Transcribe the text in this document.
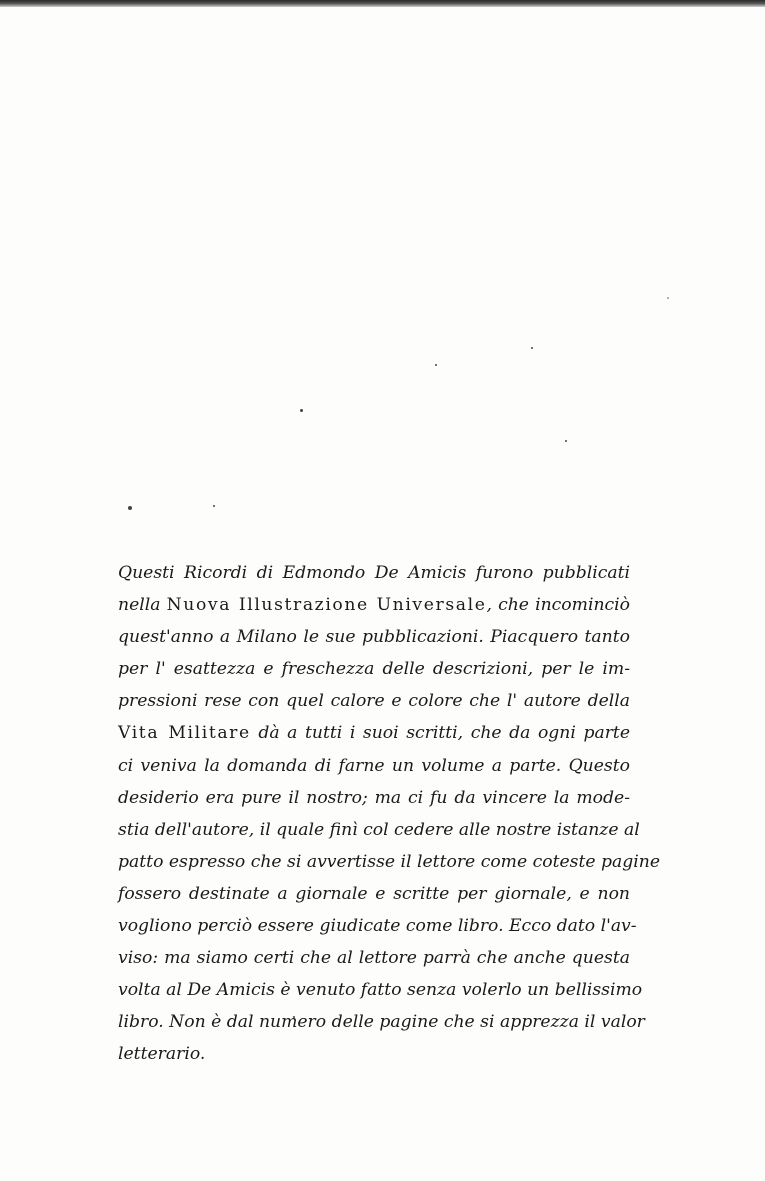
Questi Ricordi di Edmondo De Amicis furono pubblicati
nella Nuova Illustrazione Universale, che incominciò
quest'anno a Milano le sue pubblicazioni. Piacquero tanto
per l' esattezza e freschezza delle descrizioni, per le im-
pressioni rese con quel calore e colore che l' autore della
Vita Militare dà a tutti i suoi scritti, che da ogni parte
ci veniva la domanda di farne un volume a parte. Questo
desiderio era pure il nostro; ma ci fu da vincere la mode-
stia dell'autore, il quale finì col cedere alle nostre istanze al
patto espresso che si avvertisse il lettore come coteste pagine
fossero destinate a giornale e scritte per giornale, e non
vogliono perciò essere giudicate come libro. Ecco dato l'av-
viso: ma siamo certi che al lettore parrà che anche questa
volta al De Amicis è venuto fatto senza volerlo un bellissimo
libro. Non è dal numero delle pagine che si apprezza il valor
letterario.
